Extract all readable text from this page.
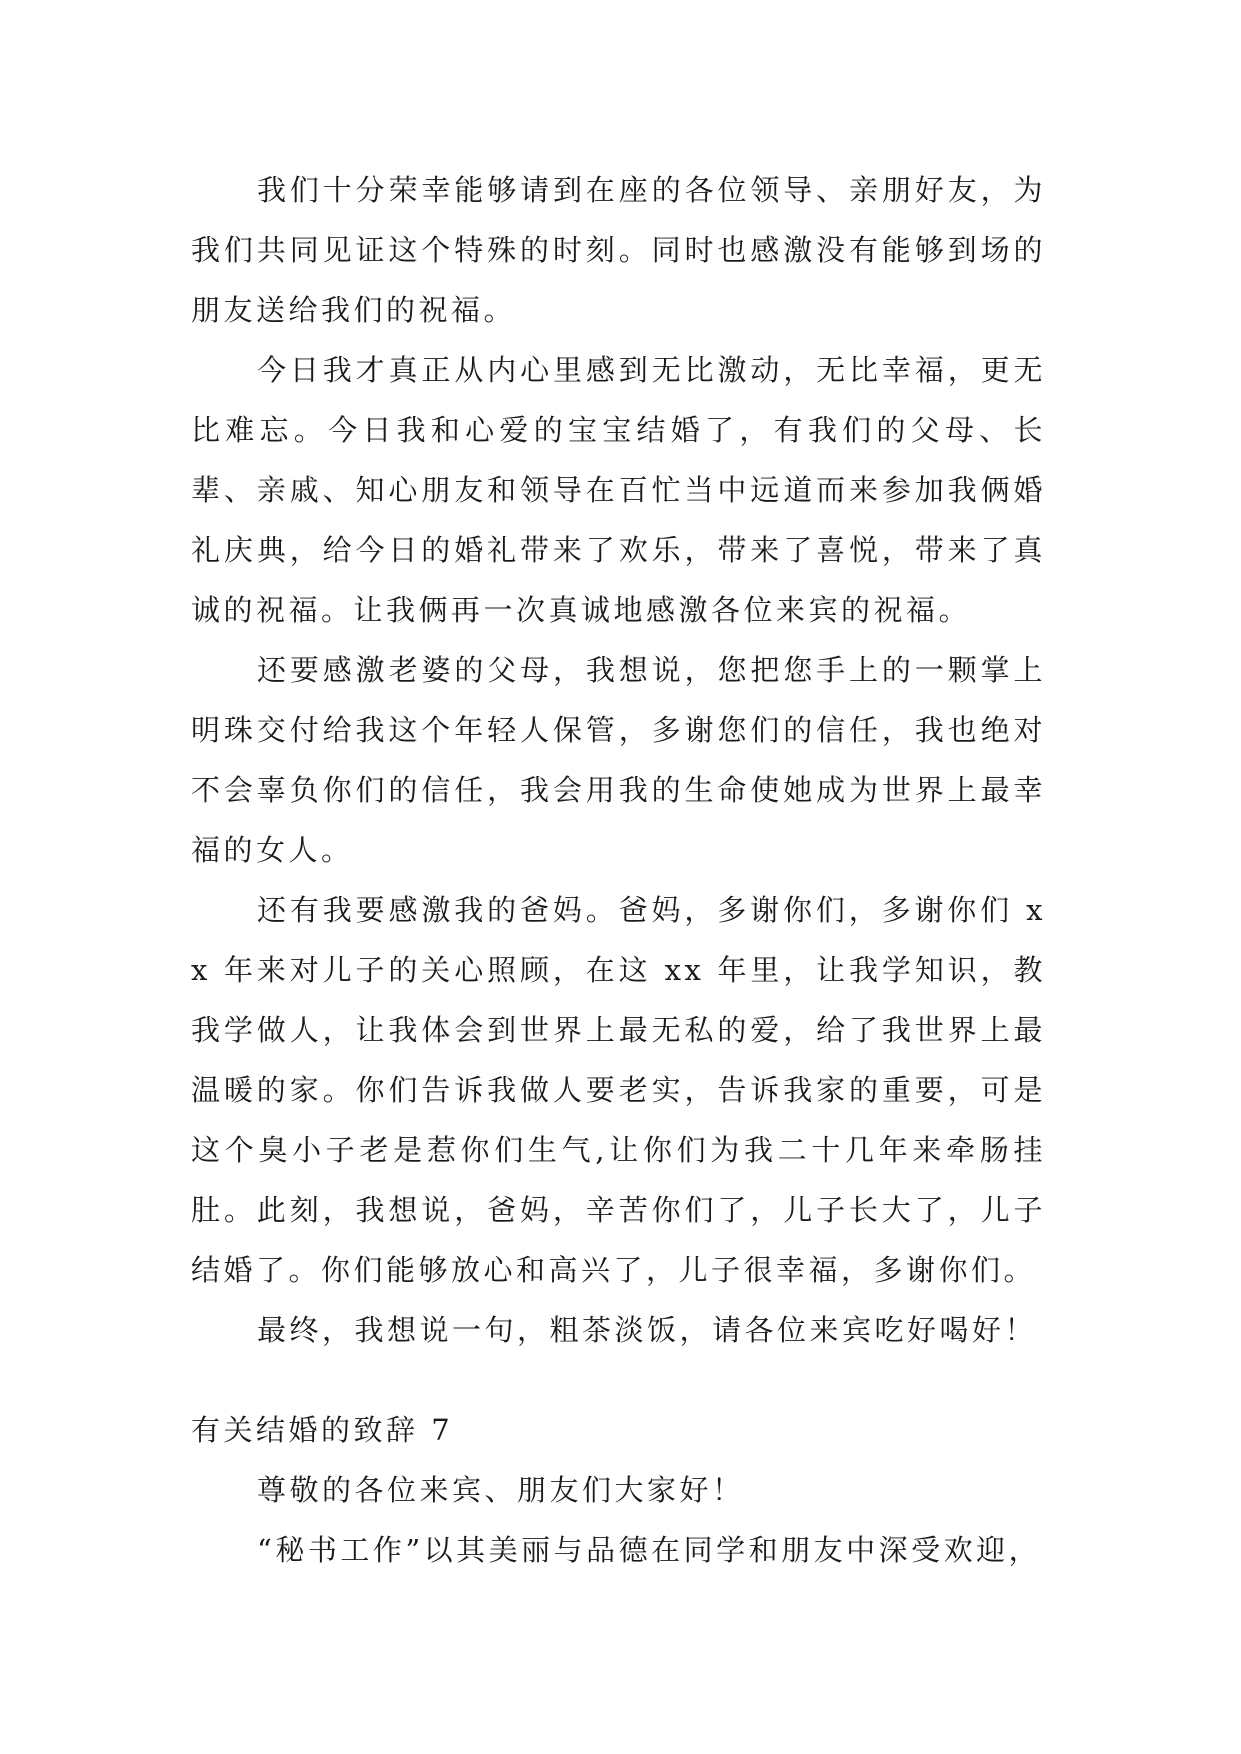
我们十分荣幸能够请到在座的各位领导、亲朋好友，为我们共同见证这个特殊的时刻。同时也感激没有能够到场的朋友送给我们的祝福。

今日我才真正从内心里感到无比激动，无比幸福，更无比难忘。今日我和心爱的宝宝结婚了，有我们的父母、长辈、亲戚、知心朋友和领导在百忙当中远道而来参加我俩婚礼庆典，给今日的婚礼带来了欢乐，带来了喜悦，带来了真诚的祝福。让我俩再一次真诚地感激各位来宾的祝福。

还要感激老婆的父母，我想说，您把您手上的一颗掌上明珠交付给我这个年轻人保管，多谢您们的信任，我也绝对不会辜负你们的信任，我会用我的生命使她成为世界上最幸福的女人。

还有我要感激我的爸妈。爸妈，多谢你们，多谢你们 xx 年来对儿子的关心照顾，在这 xx 年里，让我学知识，教我学做人，让我体会到世界上最无私的爱，给了我世界上最温暖的家。你们告诉我做人要老实，告诉我家的重要，可是这个臭小子老是惹你们生气,让你们为我二十几年来牵肠挂肚。此刻，我想说，爸妈，辛苦你们了，儿子长大了，儿子结婚了。你们能够放心和高兴了，儿子很幸福，多谢你们。

最终，我想说一句，粗茶淡饭，请各位来宾吃好喝好！

有关结婚的致辞 7

尊敬的各位来宾、朋友们大家好！

“秘书工作”以其美丽与品德在同学和朋友中深受欢迎，
